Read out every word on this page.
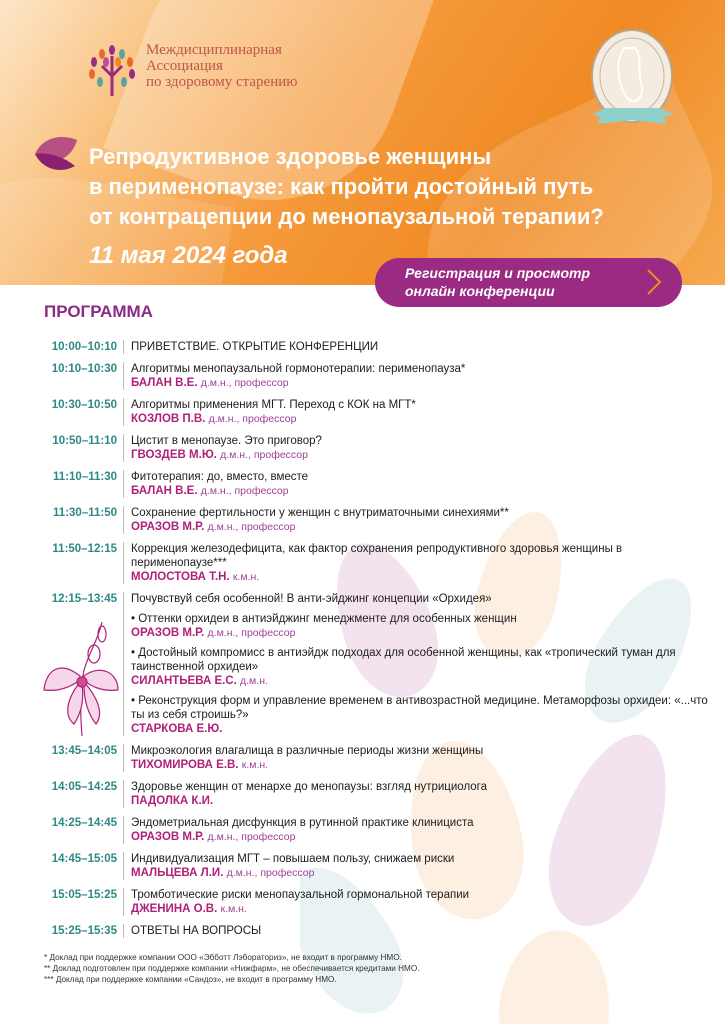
Междисциплинарная
Ассоциация
по здоровому старению
Репродуктивное здоровье женщины
в перименопаузе: как пройти достойный путь
от контрацепции до менопаузальной терапии?
11 мая 2024 года
Регистрация и просмотр
онлайн конференции
ПРОГРАММА
10:00–10:10	ПРИВЕТСТВИЕ. ОТКРЫТИЕ КОНФЕРЕНЦИИ
10:10–10:30	Алгоритмы менопаузальной гормонотерапии: перименопауза*
БАЛАН В.Е. д.м.н., профессор
10:30–10:50	Алгоритмы применения МГТ. Переход с КОК на МГТ*
КОЗЛОВ П.В. д.м.н., профессор
10:50–11:10	Цистит в менопаузе. Это приговор?
ГВОЗДЕВ М.Ю. д.м.н., профессор
11:10–11:30	Фитотерапия: до, вместо, вместе
БАЛАН В.Е. д.м.н., профессор
11:30–11:50	Сохранение фертильности у женщин с внутриматочными синехиями**
ОРАЗОВ М.Р. д.м.н., профессор
11:50–12:15	Коррекция железодефицита, как фактор сохранения репродуктивного здоровья женщины в перименопаузе***
МОЛОСТОВА Т.Н. к.м.н.
12:15–13:45	Почувствуй себя особенной! В анти-эйджинг концепции «Орхидея»
• Оттенки орхидеи в антиэйджинг менеджменте для особенных женщин
ОРАЗОВ М.Р. д.м.н., профессор
• Достойный компромисс в антиэйдж подходах для особенной женщины, как «тропический туман для таинственной орхидеи»
СИЛАНТЬЕВА Е.С. д.м.н.
• Реконструкция форм и управление временем в антивозрастной медицине. Метаморфозы орхидеи: «...что ты из себя строишь?»
СТАРКОВА Е.Ю.
13:45–14:05	Микроэкология влагалища в различные периоды жизни женщины
ТИХОМИРОВА Е.В. к.м.н.
14:05–14:25	Здоровье женщин от менархе до менопаузы: взгляд нутрициолога
ПАДОЛКА К.И.
14:25–14:45	Эндометриальная дисфункция в рутинной практике клинициста
ОРАЗОВ М.Р. д.м.н., профессор
14:45–15:05	Индивидуализация МГТ – повышаем пользу, снижаем риски
МАЛЬЦЕВА Л.И. д.м.н., профессор
15:05–15:25	Тромботические риски менопаузальной гормональной терапии
ДЖЕНИНА О.В. к.м.н.
15:25–15:35	ОТВЕТЫ НА ВОПРОСЫ
* Доклад при поддержке компании ООО «Эбботт Лэбораториз», не входит в программу НМО.
** Доклад подготовлен при поддержке компании «Нижфарм», не обеспечивается кредитами НМО.
*** Доклад при поддержке компании «Сандоз», не входит в программу НМО.
